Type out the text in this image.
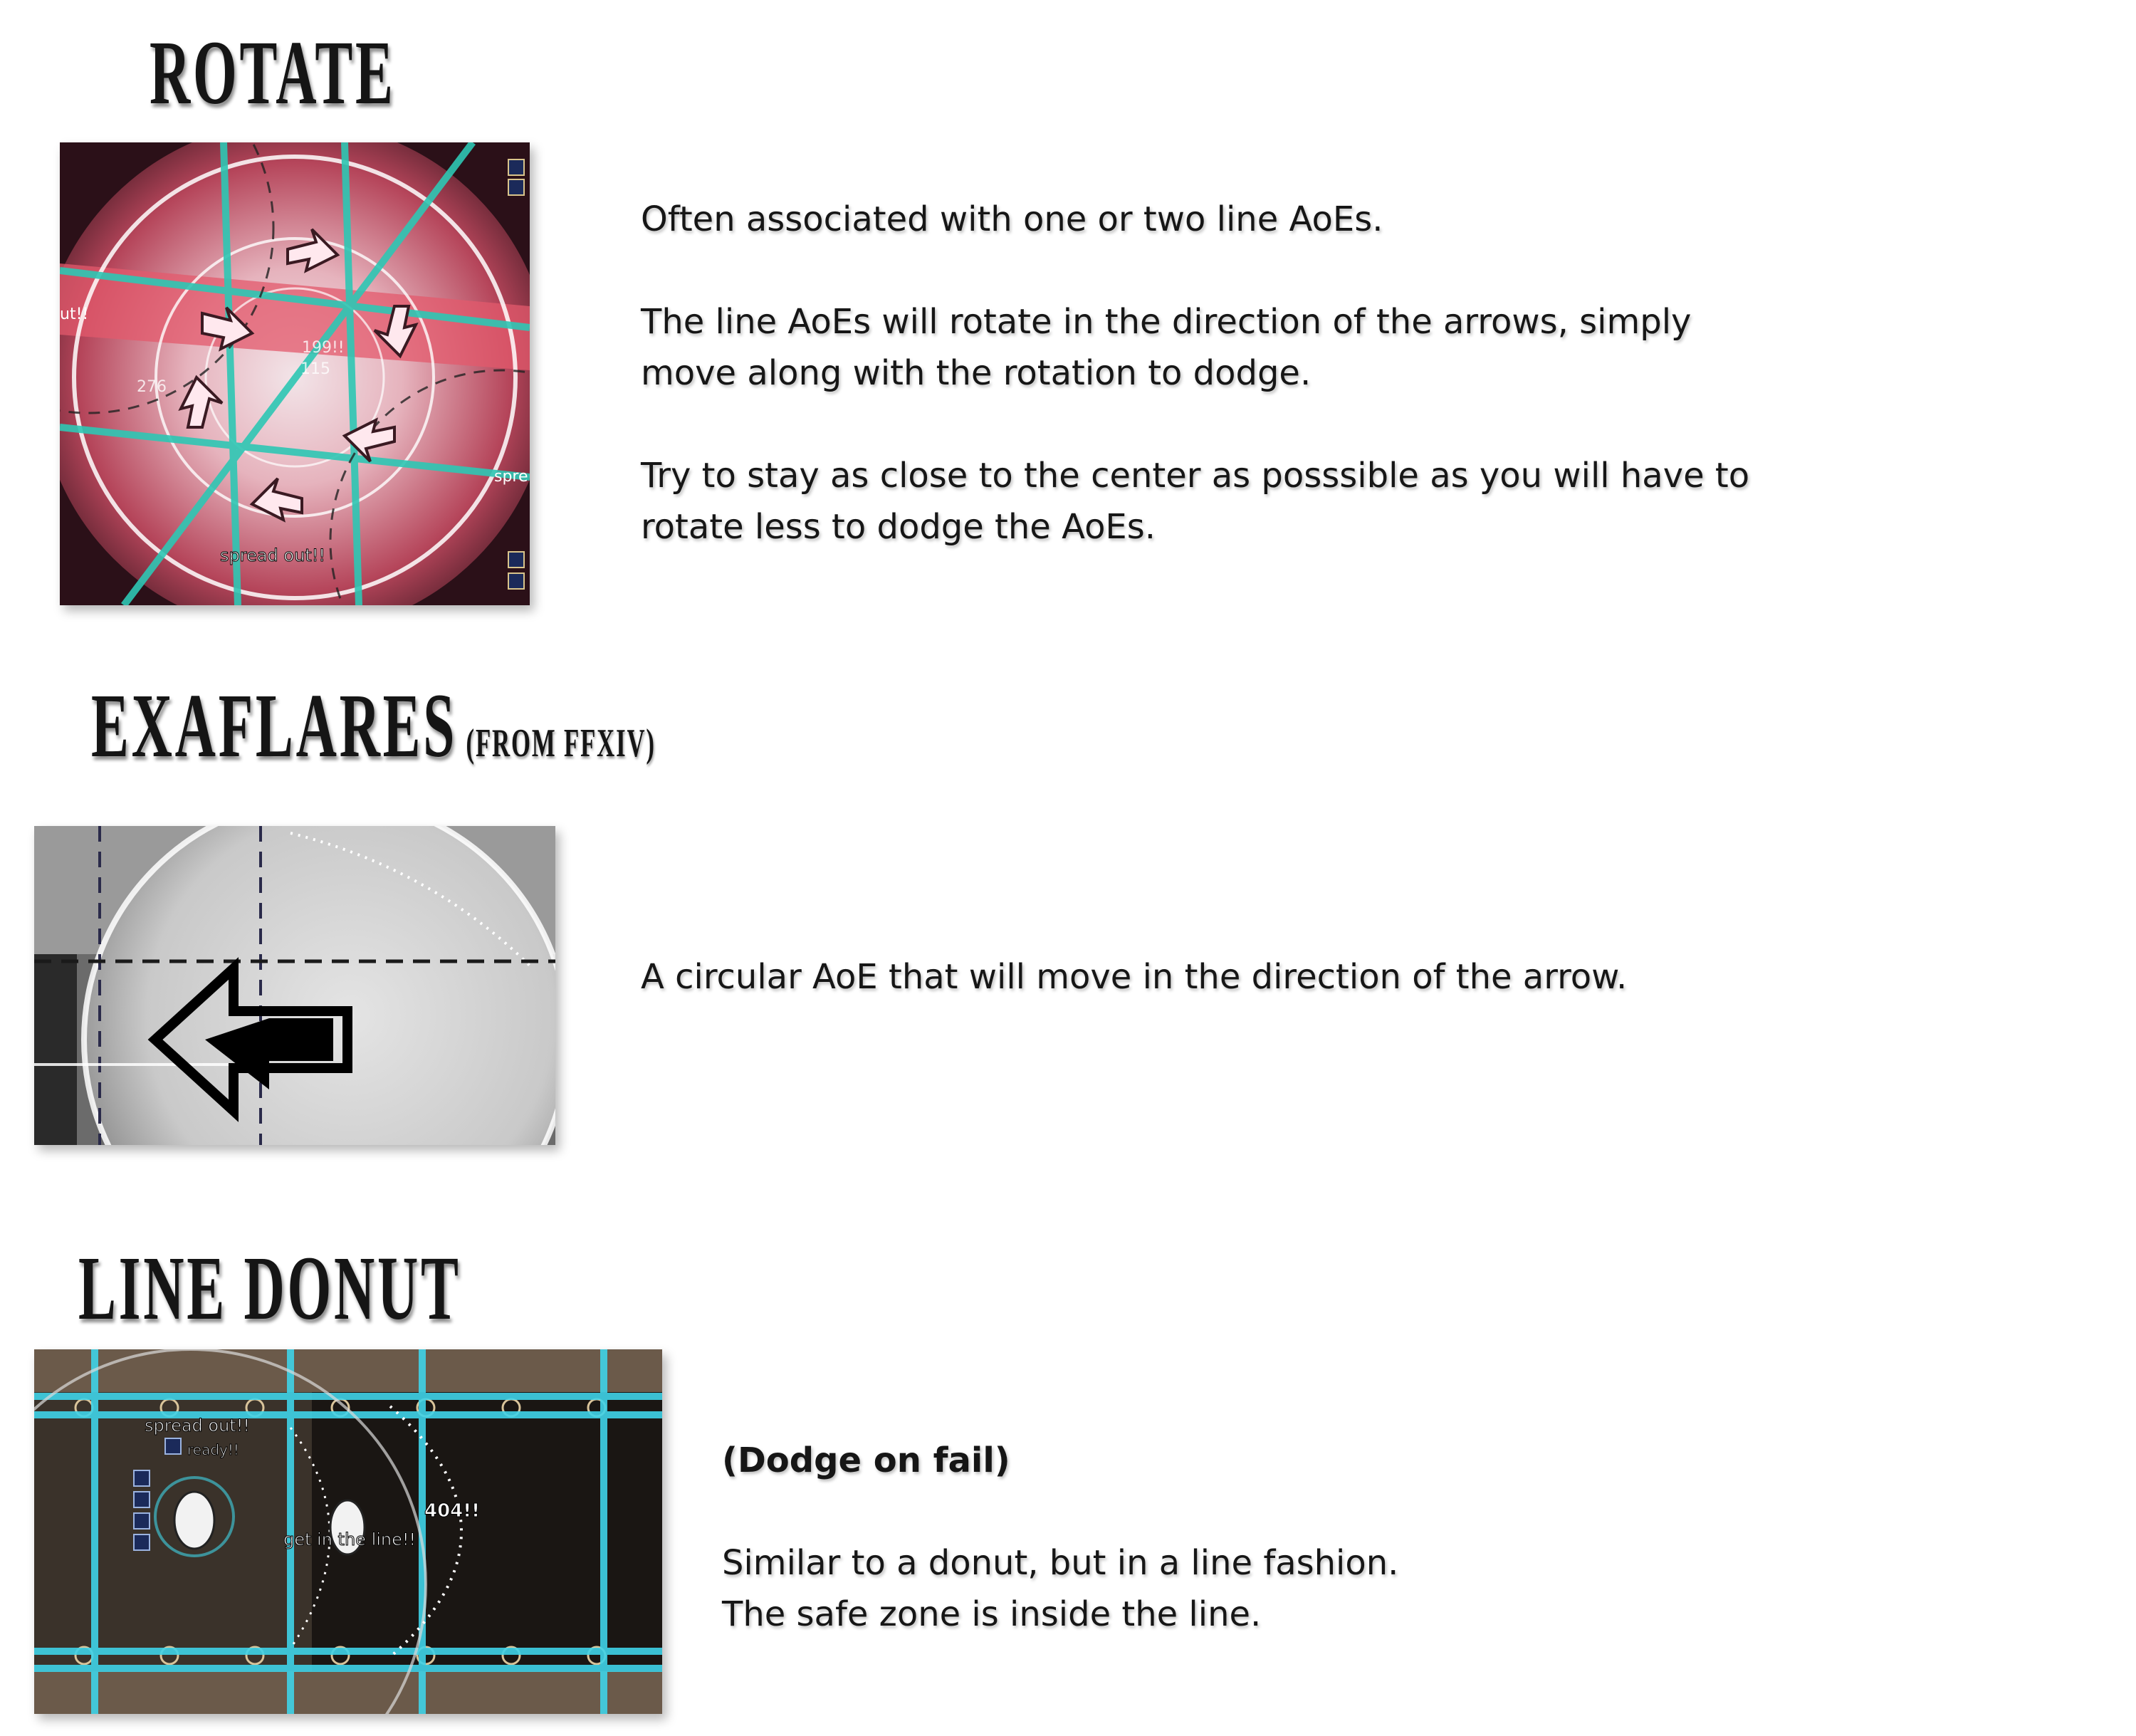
ROTATE
spread out!!
276
115
199!!
ut!!
spre

Often associated with one or two line AoEs.

The line AoEs will rotate in the direction of the arrows, simply move along with the rotation to dodge.

Try to stay as close to the center as posssible as you will have to rotate less to dodge the AoEs.

EXAFLARES (FROM FFXIV)

A circular AoE that will move in the direction of the arrow.

LINE DONUT
spread out!!
ready!!
get in the line!!
404!!

(Dodge on fail)

Similar to a donut, but in a line fashion.

The safe zone is inside the line.
